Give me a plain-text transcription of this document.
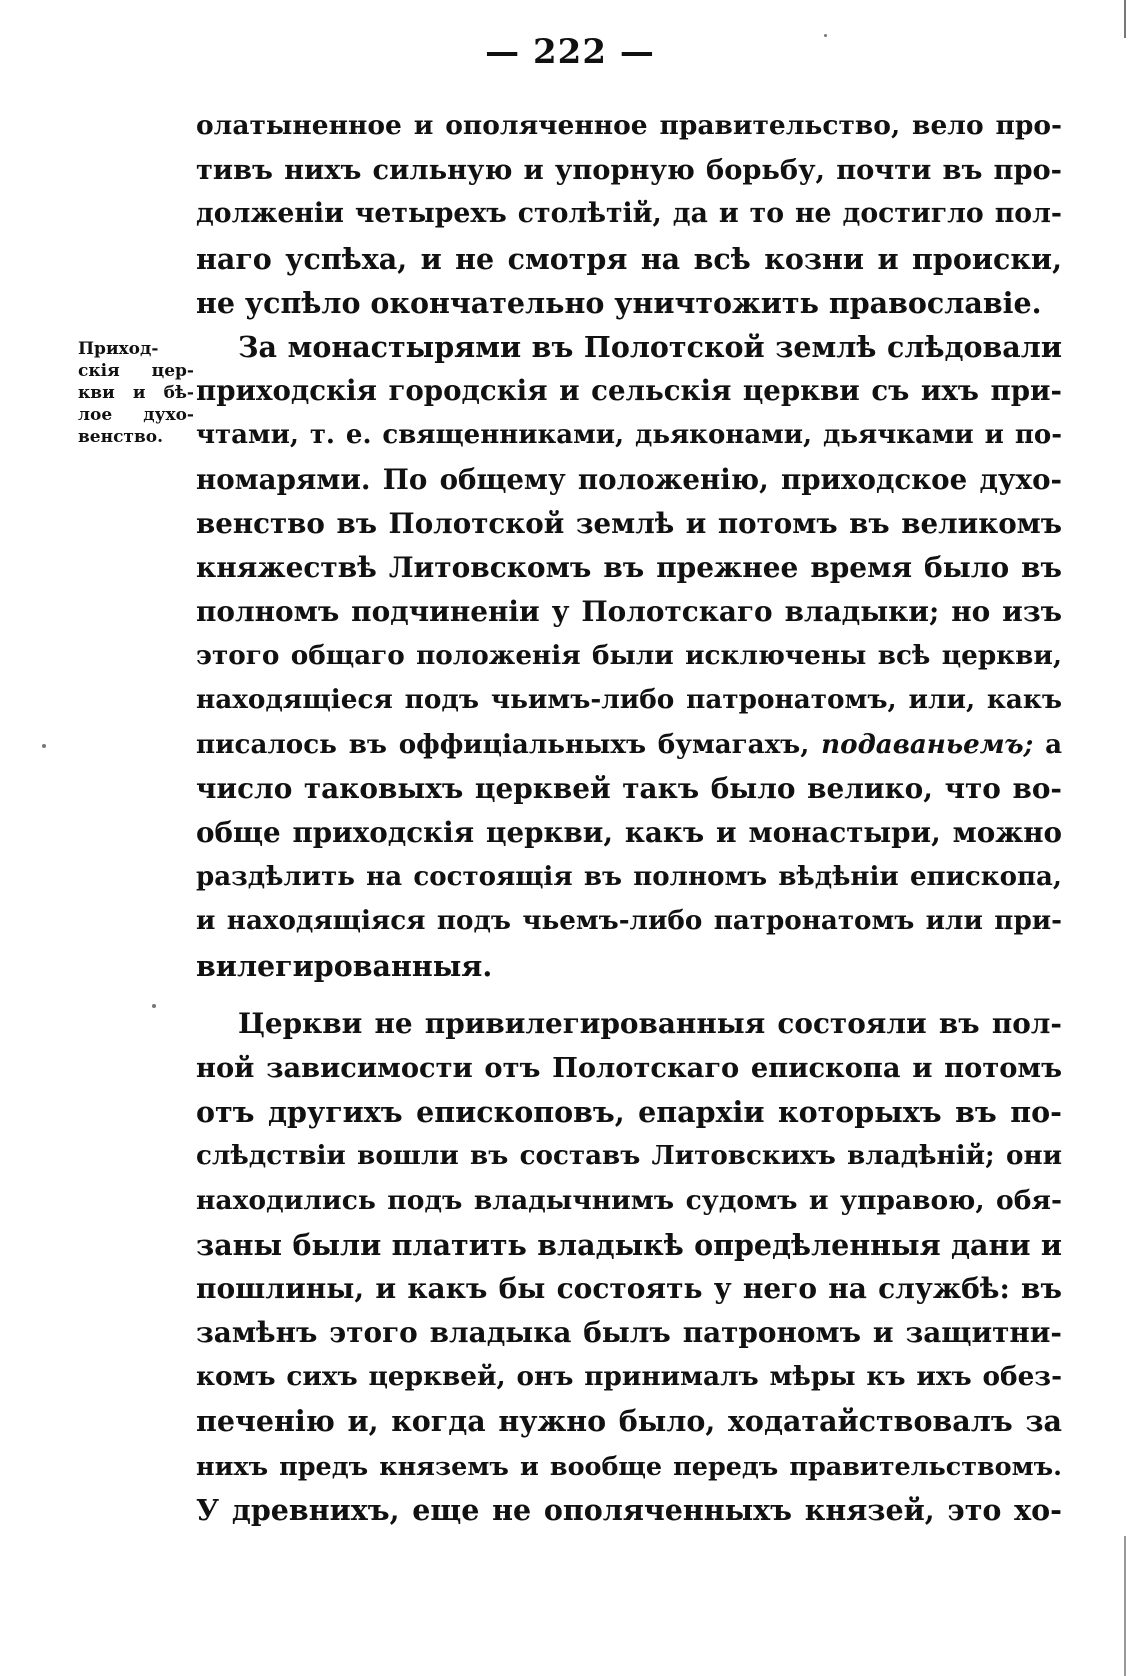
— 222 —
Приход-
скія цер-
кви и бѣ-
лое духо-
венство.
олатыненное и ополяченное правительство, вело про-
тивъ нихъ сильную и упорную борьбу, почти въ про-
долженіи четырехъ столѣтій, да и то не достигло пол-
наго успѣха, и не смотря на всѣ козни и происки,
не успѣло окончательно уничтожить православіе.
За монастырями въ Полотской землѣ слѣдовали
приходскія городскія и сельскія церкви съ ихъ при-
чтами, т. е. священниками, дьяконами, дьячками и по-
номарями. По общему положенію, приходское духо-
венство въ Полотской землѣ и потомъ въ великомъ
княжествѣ Литовскомъ въ прежнее время было въ
полномъ подчиненіи у Полотскаго владыки; но изъ
этого общаго положенія были исключены всѣ церкви,
находящіеся подъ чьимъ-либо патронатомъ, или, какъ
писалось въ оффиціальныхъ бумагахъ, подаваньемъ; а
число таковыхъ церквей такъ было велико, что во-
обще приходскія церкви, какъ и монастыри, можно
раздѣлить на состоящія въ полномъ вѣдѣніи епископа,
и находящіяся подъ чьемъ-либо патронатомъ или при-
вилегированныя.
Церкви не привилегированныя состояли въ пол-
ной зависимости отъ Полотскаго епископа и потомъ
отъ другихъ епископовъ, епархіи которыхъ въ по-
слѣдствіи вошли въ составъ Литовскихъ владѣній; они
находились подъ владычнимъ судомъ и управою, обя-
заны были платить владыкѣ опредѣленныя дани и
пошлины, и какъ бы состоять у него на службѣ: въ
замѣнъ этого владыка былъ патрономъ и защитни-
комъ сихъ церквей, онъ принималъ мѣры къ ихъ обез-
печенію и, когда нужно было, ходатайствовалъ за
нихъ предъ княземъ и вообще передъ правительствомъ.
У древнихъ, еще не ополяченныхъ князей, это хо-
